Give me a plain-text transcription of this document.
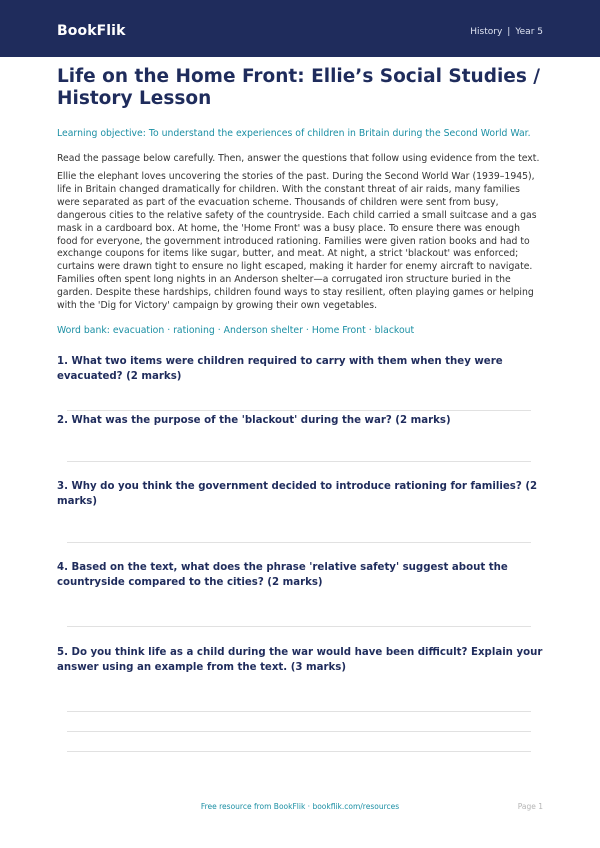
BookFlik	History | Year 5
Life on the Home Front: Ellie’s Social Studies / History Lesson

Learning objective: To understand the experiences of children in Britain during the Second World War.

Read the passage below carefully. Then, answer the questions that follow using evidence from the text.

Ellie the elephant loves uncovering the stories of the past. During the Second World War (1939–1945), life in Britain changed dramatically for children. With the constant threat of air raids, many families were separated as part of the evacuation scheme. Thousands of children were sent from busy, dangerous cities to the relative safety of the countryside. Each child carried a small suitcase and a gas mask in a cardboard box. At home, the 'Home Front' was a busy place. To ensure there was enough food for everyone, the government introduced rationing. Families were given ration books and had to exchange coupons for items like sugar, butter, and meat. At night, a strict 'blackout' was enforced; curtains were drawn tight to ensure no light escaped, making it harder for enemy aircraft to navigate. Families often spent long nights in an Anderson shelter—a corrugated iron structure buried in the garden. Despite these hardships, children found ways to stay resilient, often playing games or helping with the 'Dig for Victory' campaign by growing their own vegetables.

Word bank: evacuation · rationing · Anderson shelter · Home Front · blackout

1. What two items were children required to carry with them when they were evacuated? (2 marks)

2. What was the purpose of the 'blackout' during the war? (2 marks)

3. Why do you think the government decided to introduce rationing for families? (2 marks)

4. Based on the text, what does the phrase 'relative safety' suggest about the countryside compared to the cities? (2 marks)

5. Do you think life as a child during the war would have been difficult? Explain your answer using an example from the text. (3 marks)

Free resource from BookFlik · bookflik.com/resources	Page 1
